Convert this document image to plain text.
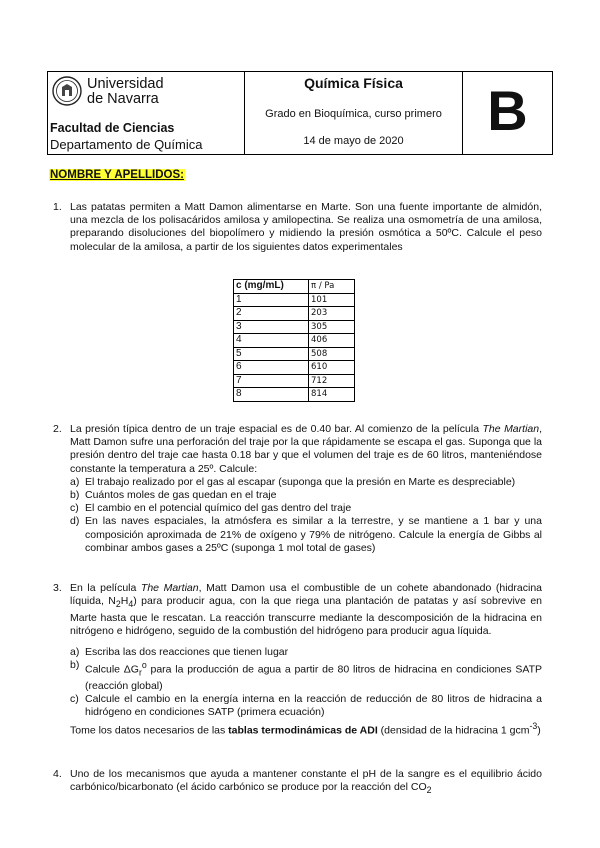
Universidad
de Navarra
Facultad de Ciencias
Departamento de Química
Química Física
Grado en Bioquímica, curso primero
14 de mayo de 2020	B
NOMBRE Y APELLIDOS:
1. Las patatas permiten a Matt Damon alimentarse en Marte. Son una fuente importante de almidón, una mezcla de los polisacáridos amilosa y amilopectina. Se realiza una osmometría de una amilosa, preparando disoluciones del biopolímero y midiendo la presión osmótica a 50ºC. Calcule el peso molecular de la amilosa, a partir de los siguientes datos experimentales

c (mg/mL)	π / Pa
1	101
2	203
3	305
4	406
5	508
6	610
7	712
8	814
2. La presión típica dentro de un traje espacial es de 0.40 bar. Al comienzo de la película The Martian, Matt Damon sufre una perforación del traje por la que rápidamente se escapa el gas. Suponga que la presión dentro del traje cae hasta 0.18 bar y que el volumen del traje es de 60 litros, manteniéndose constante la temperatura a 25º. Calcule:

a) El trabajo realizado por el gas al escapar (suponga que la presión en Marte es despreciable)
b) Cuántos moles de gas quedan en el traje
c) El cambio en el potencial químico del gas dentro del traje
d) En las naves espaciales, la atmósfera es similar a la terrestre, y se mantiene a 1 bar y una composición aproximada de 21% de oxígeno y 79% de nitrógeno. Calcule la energía de Gibbs al combinar ambos gases a 25ºC (suponga 1 mol total de gases)
3. En la película The Martian, Matt Damon usa el combustible de un cohete abandonado (hidracina líquida, $N_2H_4$) para producir agua, con la que riega una plantación de patatas y así sobrevive en Marte hasta que le rescatan. La reacción transcurre mediante la descomposición de la hidracina en nitrógeno e hidrógeno, seguido de la combustión del hidrógeno para producir agua líquida.

a) Escriba las dos reacciones que tienen lugar
b) Calcule $\Delta G_r^o$ para la producción de agua a partir de 80 litros de hidracina en condiciones SATP (reacción global)
c) Calcule el cambio en la energía interna en la reacción de reducción de 80 litros de hidracina a hidrógeno en condiciones SATP (primera ecuación)
Tome los datos necesarios de las tablas termodinámicas de ADI (densidad de la hidracina 1 gcm$^{-3}$)
4. Uno de los mecanismos que ayuda a mantener constante el pH de la sangre es el equilibrio ácido carbónico/bicarbonato (el ácido carbónico se produce por la reacción del $CO_2$
